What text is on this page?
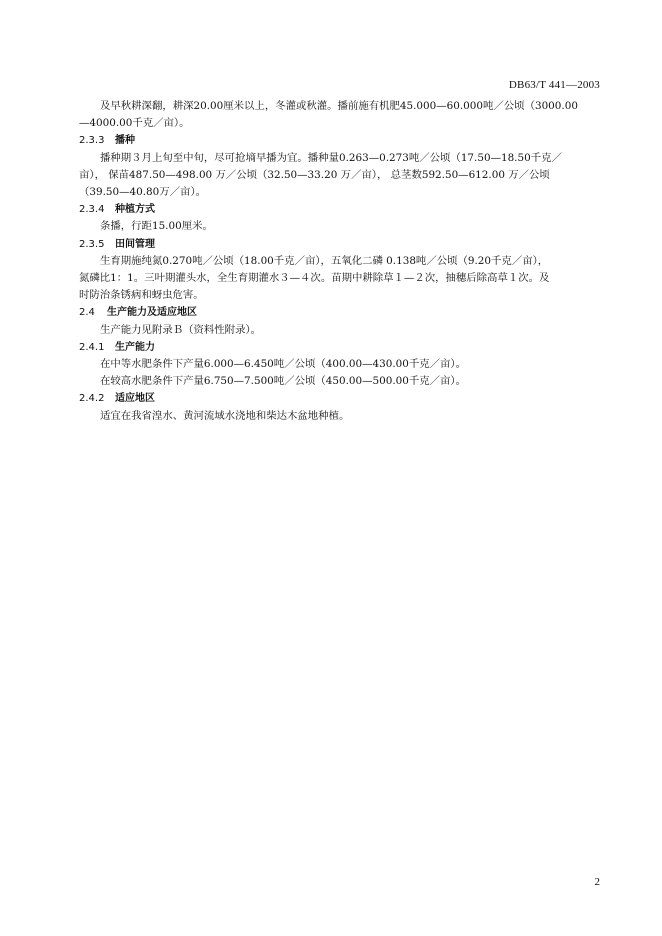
DB63/T 441—2003

及早秋耕深翻，耕深20.00厘米以上，冬灌或秋灌。播前施有机肥45.000—60.000吨／公顷（3000.00

—4000.00千克／亩）。

2.3.3 播种

播种期３月上旬至中旬，尽可抢墒早播为宜。播种量0.263—0.273吨／公顷（17.50—18.50千克／

亩）， 保苗487.50—498.00 万／公顷（32.50—33.20 万／亩）， 总茎数592.50—612.00 万／公顷

（39.50—40.80万／亩）。

2.3.4 种植方式

条播，行距15.00厘米。

2.3.5 田间管理

生育期施纯氮0.270吨／公顷（18.00千克／亩），五氧化二磷 0.138吨／公顷（9.20千克／亩），

氮磷比1：1。三叶期灌头水，全生育期灌水３—４次。苗期中耕除草１—２次，抽穗后除高草１次。及

时防治条锈病和蚜虫危害。

2.4 生产能力及适应地区

生产能力见附录Ｂ（资料性附录）。

2.4.1 生产能力

在中等水肥条件下产量6.000—6.450吨／公顷（400.00—430.00千克／亩）。

在较高水肥条件下产量6.750—7.500吨／公顷（450.00—500.00千克／亩）。

2.4.2 适应地区

适宜在我省湟水、黄河流域水浇地和柴达木盆地种植。

2
